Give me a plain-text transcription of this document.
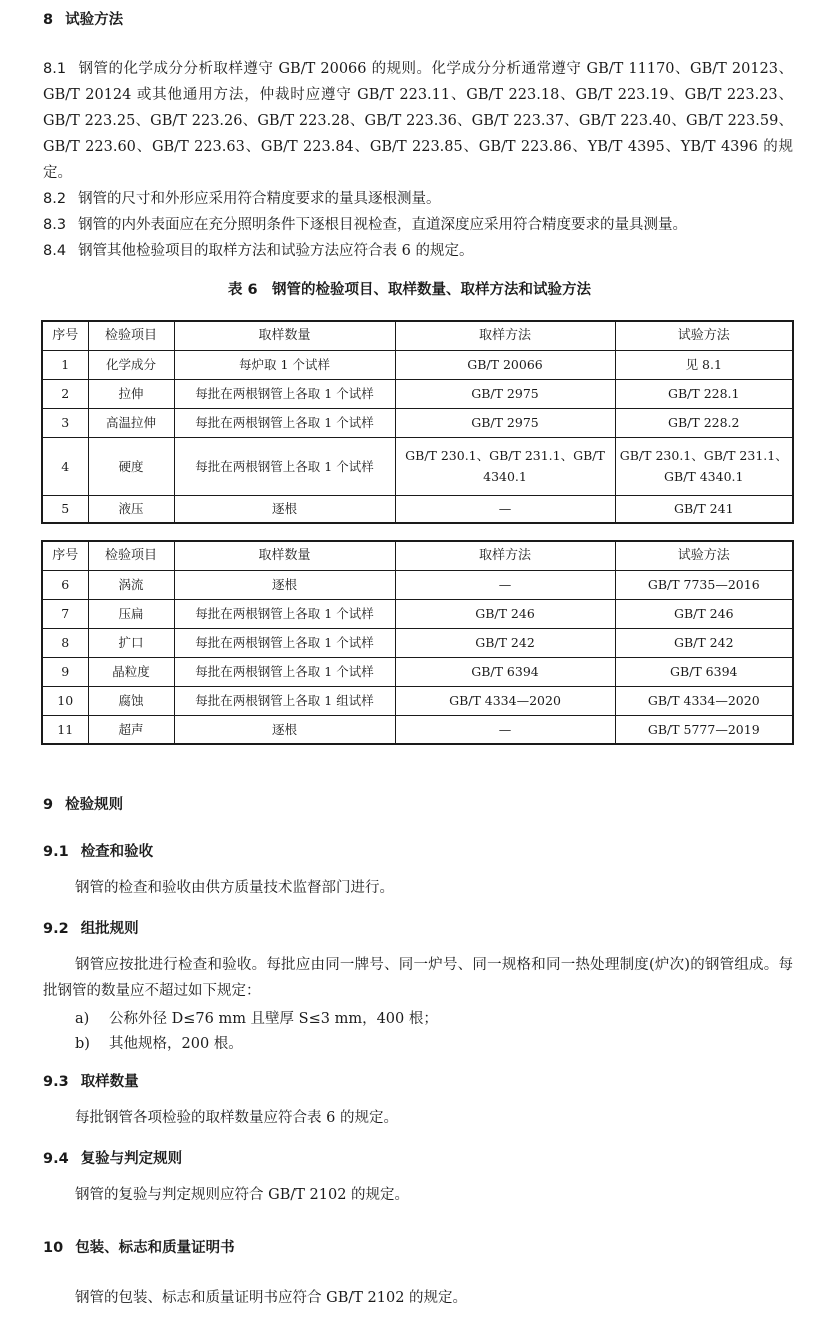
8 试验方法

8.1 钢管的化学成分分析取样遵守 GB/T 20066 的规则。化学成分分析通常遵守 GB/T 11170、GB/T 20123、GB/T 20124 或其他通用方法，仲裁时应遵守 GB/T 223.11、GB/T 223.18、GB/T 223.19、GB/T 223.23、GB/T 223.25、GB/T 223.26、GB/T 223.28、GB/T 223.36、GB/T 223.37、GB/T 223.40、GB/T 223.59、GB/T 223.60、GB/T 223.63、GB/T 223.84、GB/T 223.85、GB/T 223.86、YB/T 4395、YB/T 4396 的规定。

8.2 钢管的尺寸和外形应采用符合精度要求的量具逐根测量。

8.3 钢管的内外表面应在充分照明条件下逐根目视检查，直道深度应采用符合精度要求的量具测量。

8.4 钢管其他检验项目的取样方法和试验方法应符合表 6 的规定。

表 6　钢管的检验项目、取样数量、取样方法和试验方法
序号	检验项目	取样数量	取样方法	试验方法
1	化学成分	每炉取 1 个试样	GB/T 20066	见 8.1
2	拉伸	每批在两根钢管上各取 1 个试样	GB/T 2975	GB/T 228.1
3	高温拉伸	每批在两根钢管上各取 1 个试样	GB/T 2975	GB/T 228.2
4	硬度	每批在两根钢管上各取 1 个试样	GB/T 230.1、GB/T 231.1、GB/T 4340.1	GB/T 230.1、GB/T 231.1、GB/T 4340.1
5	液压	逐根	—	GB/T 241
序号	检验项目	取样数量	取样方法	试验方法
6	涡流	逐根	—	GB/T 7735—2016
7	压扁	每批在两根钢管上各取 1 个试样	GB/T 246	GB/T 246
8	扩口	每批在两根钢管上各取 1 个试样	GB/T 242	GB/T 242
9	晶粒度	每批在两根钢管上各取 1 个试样	GB/T 6394	GB/T 6394
10	腐蚀	每批在两根钢管上各取 1 组试样	GB/T 4334—2020	GB/T 4334—2020
11	超声	逐根	—	GB/T 5777—2019
9 检验规则
9.1 检查和验收
钢管的检查和验收由供方质量技术监督部门进行。
9.2 组批规则

钢管应按批进行检查和验收。每批应由同一牌号、同一炉号、同一规格和同一热处理制度(炉次)的钢管组成。每批钢管的数量应不超过如下规定：

a) 公称外径 D≤76 mm 且壁厚 S≤3 mm，400 根；
b) 其他规格，200 根。
9.3 取样数量
每批钢管各项检验的取样数量应符合表 6 的规定。
9.4 复验与判定规则
钢管的复验与判定规则应符合 GB/T 2102 的规定。
10 包装、标志和质量证明书
钢管的包装、标志和质量证明书应符合 GB/T 2102 的规定。
